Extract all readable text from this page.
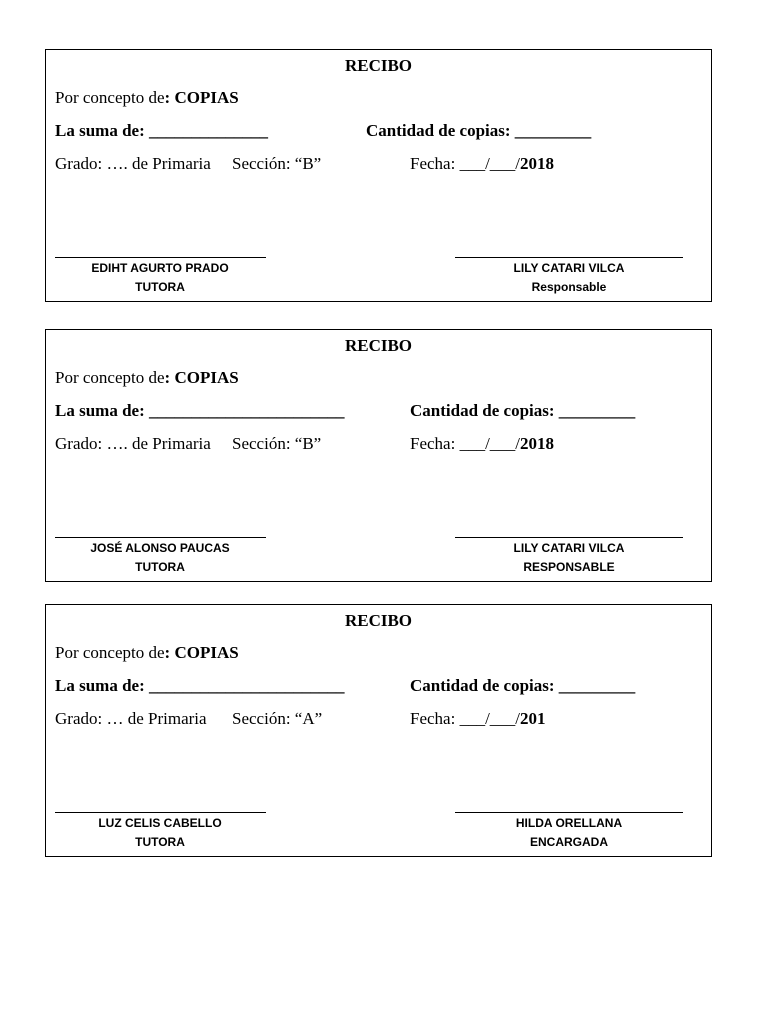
RECIBO
Por concepto de: COPIAS
La suma de: ______________	Cantidad de copias: _________
Grado: …. de Primaria Sección: “B”	Fecha: ___/___/2018
EDIHT AGURTO PRADO
TUTORA
LILY CATARI VILCA
Responsable
RECIBO
Por concepto de: COPIAS
La suma de: _______________________	Cantidad de copias: _________
Grado: …. de Primaria Sección: “B”	Fecha: ___/___/2018
JOSÉ ALONSO PAUCAS
TUTORA
LILY CATARI VILCA
RESPONSABLE
RECIBO
Por concepto de: COPIAS
La suma de: _______________________	Cantidad de copias: _________
Grado: … de Primaria Sección: “A”	Fecha: ___/___/201
LUZ CELIS CABELLO
TUTORA
HILDA ORELLANA
ENCARGADA
